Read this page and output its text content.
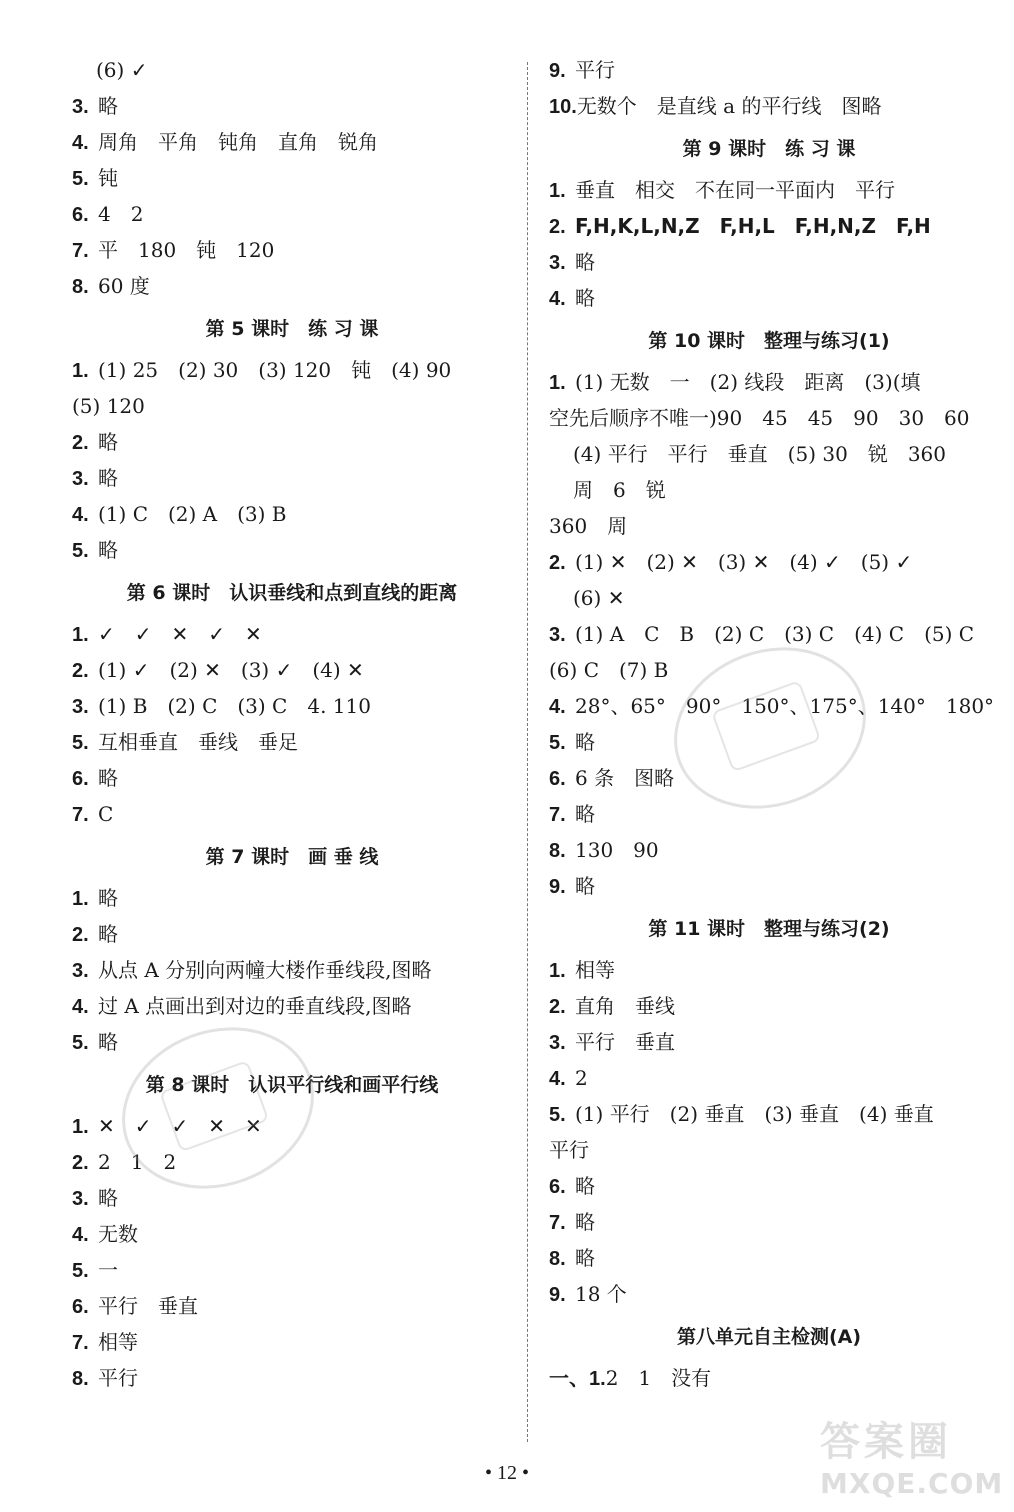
(6) ✓
3. 略
4. 周角　平角　钝角　直角　锐角
5. 钝
6. 4　2
7. 平　180　钝　120
8. 60 度
第 5 课时　练 习 课
1. (1) 25　(2) 30　(3) 120　钝　(4) 90
(5) 120
2. 略
3. 略
4. (1) C　(2) A　(3) B
5. 略
第 6 课时　认识垂线和点到直线的距离
1. ✓　✓　✕　✓　✕
2. (1) ✓　(2) ✕　(3) ✓　(4) ✕
3. (1) B　(2) C　(3) C　4. 110
5. 互相垂直　垂线　垂足
6. 略
7. C
第 7 课时　画 垂 线
1. 略
2. 略
3. 从点 A 分别向两幢大楼作垂线段,图略
4. 过 A 点画出到对边的垂直线段,图略
5. 略
第 8 课时　认识平行线和画平行线
1. ✕　✓　✓　✕　✕
2. 2　1　2
3. 略
4. 无数
5. 一
6. 平行　垂直
7. 相等
8. 平行
9. 平行
10.无数个　是直线 a 的平行线　图略
第 9 课时　练 习 课
1. 垂直　相交　不在同一平面内　平行
2. F,H,K,L,N,Z　F,H,L　F,H,N,Z　F,H
3. 略
4. 略
第 10 课时　整理与练习(1)
1. (1) 无数　一　(2) 线段　距离　(3)(填
空先后顺序不唯一)90　45　45　90　30　60
(4) 平行　平行　垂直　(5) 30　锐　360
周　6　锐
360　周
2. (1) ✕　(2) ✕　(3) ✕　(4) ✓　(5) ✓
(6) ✕
3. (1) A　C　B　(2) C　(3) C　(4) C　(5) C
(6) C　(7) B
4. 28°、65°　90°　150°、175°、140°　180°
5. 略
6. 6 条　图略
7. 略
8. 130　90
9. 略
第 11 课时　整理与练习(2)
1. 相等
2. 直角　垂线
3. 平行　垂直
4. 2
5. (1) 平行　(2) 垂直　(3) 垂直　(4) 垂直
平行
6. 略
7. 略
8. 略
9. 18 个
第八单元自主检测(A)
一、1.2　1　没有
• 12 •
答案圈
MXQE.COM
